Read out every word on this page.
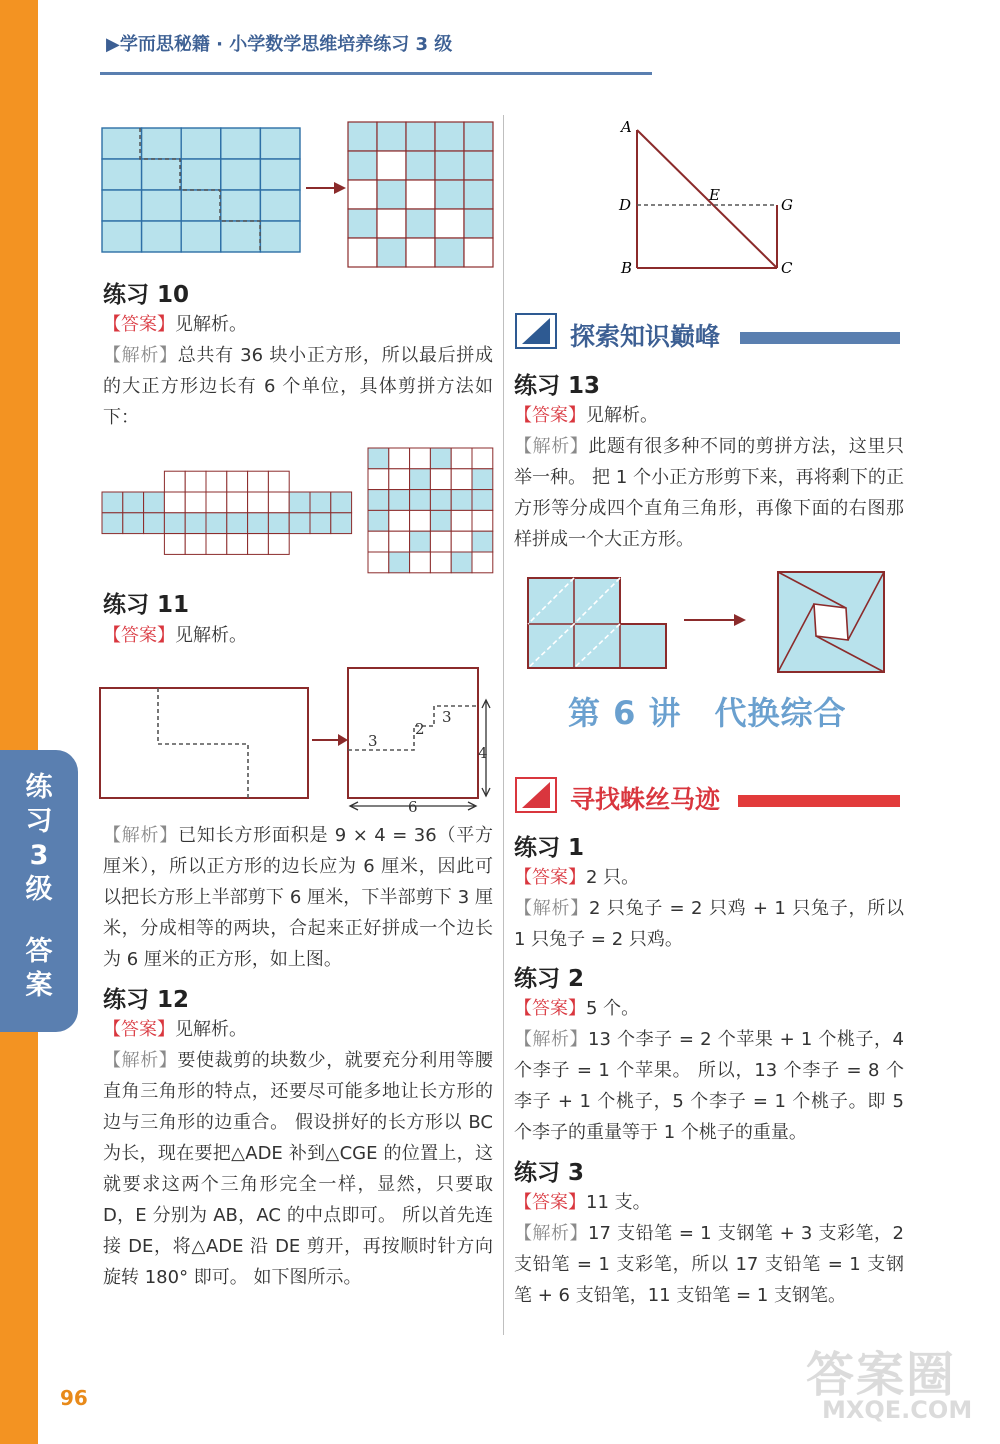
练
习
3
级
答
案
96
▶学而思秘籍 · 小学数学思维培养练习 3 级
练习 10
【答案】见解析。
【解析】总共有 36 块小正方形，所以最后拼成的大正方形边长有 6 个单位，具体剪拼方法如下：
练习 11
【答案】见解析。
3
2
3
4
6
【解析】已知长方形面积是 9 × 4 = 36（平方厘米），所以正方形的边长应为 6 厘米，因此可以把长方形上半部剪下 6 厘米，下半部剪下 3 厘米，分成相等的两块，合起来正好拼成一个边长为 6 厘米的正方形，如上图。
练习 12
【答案】见解析。
【解析】要使裁剪的块数少，就要充分利用等腰直角三角形的特点，还要尽可能多地让长方形的边与三角形的边重合。 假设拼好的长方形以 BC 为长，现在要把△ADE 补到△CGE 的位置上，这就要求这两个三角形完全一样，显然，只要取 D，E 分别为 AB，AC 的中点即可。 所以首先连接 DE，将△ADE 沿 DE 剪开，再按顺时针方向旋转 180° 即可。 如下图所示。
A
D
B
E
G
C
探索知识巅峰
练习 13
【答案】见解析。
【解析】此题有很多种不同的剪拼方法，这里只举一种。 把 1 个小正方形剪下来，再将剩下的正方形等分成四个直角三角形，再像下面的右图那样拼成一个大正方形。
第 6 讲　代换综合
寻找蛛丝马迹
练习 1
【答案】2 只。
【解析】2 只兔子 = 2 只鸡 + 1 只兔子，所以 1 只兔子 = 2 只鸡。
练习 2
【答案】5 个。
【解析】13 个李子 = 2 个苹果 + 1 个桃子，4 个李子 = 1 个苹果。 所以，13 个李子 = 8 个李子 + 1 个桃子，5 个李子 = 1 个桃子。即 5 个李子的重量等于 1 个桃子的重量。
练习 3
【答案】11 支。
【解析】17 支铅笔 = 1 支钢笔 + 3 支彩笔，2 支铅笔 = 1 支彩笔，所以 17 支铅笔 = 1 支钢笔 + 6 支铅笔，11 支铅笔 = 1 支钢笔。
答案圈
MXQE.COM
